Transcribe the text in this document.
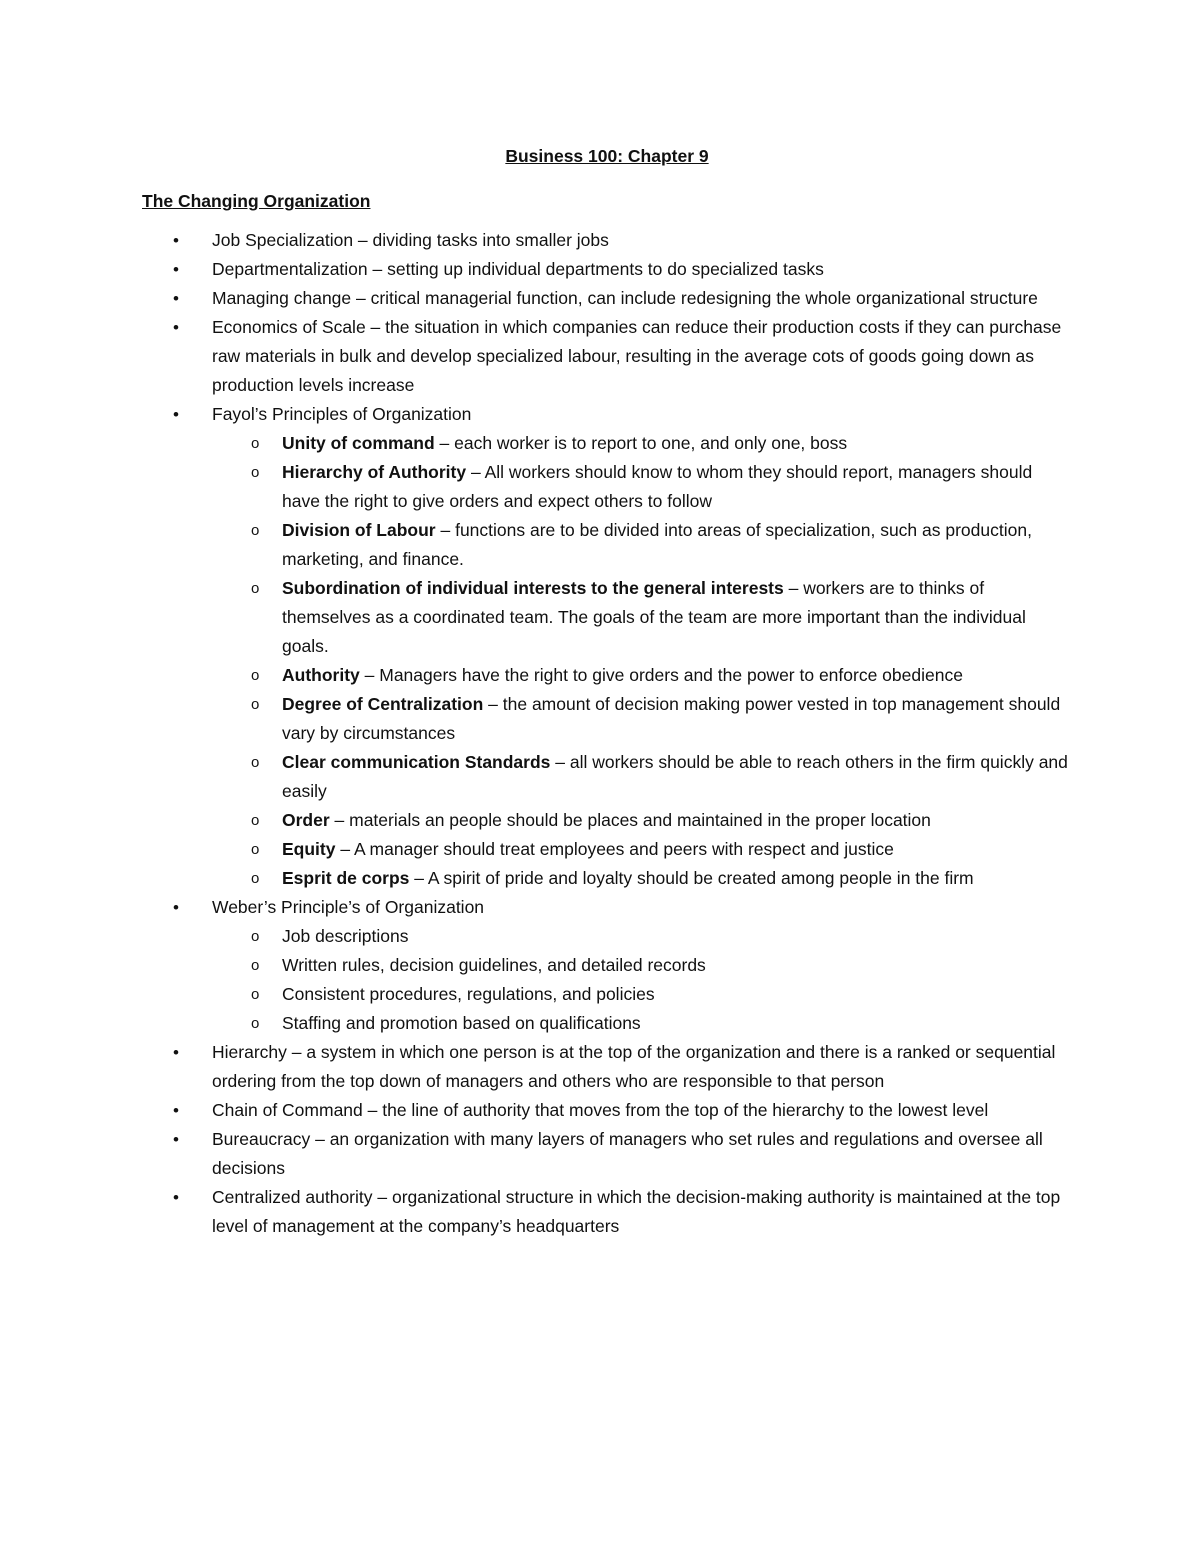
Business 100: Chapter 9
The Changing Organization
• Job Specialization – dividing tasks into smaller jobs
• Departmentalization – setting up individual departments to do specialized tasks
• Managing change – critical managerial function, can include redesigning the whole organizational structure
• Economics of Scale – the situation in which companies can reduce their production costs if they can purchase raw materials in bulk and develop specialized labour, resulting in the average cots of goods going down as production levels increase
• Fayol’s Principles of Organization
o Unity of command – each worker is to report to one, and only one, boss
o Hierarchy of Authority – All workers should know to whom they should report, managers should have the right to give orders and expect others to follow
o Division of Labour – functions are to be divided into areas of specialization, such as production, marketing, and finance.
o Subordination of individual interests to the general interests – workers are to thinks of themselves as a coordinated team. The goals of the team are more important than the individual goals.
o Authority – Managers have the right to give orders and the power to enforce obedience
o Degree of Centralization – the amount of decision making power vested in top management should vary by circumstances
o Clear communication Standards – all workers should be able to reach others in the firm quickly and easily
o Order – materials an people should be places and maintained in the proper location
o Equity – A manager should treat employees and peers with respect and justice
o Esprit de corps – A spirit of pride and loyalty should be created among people in the firm
• Weber’s Principle’s of Organization
o Job descriptions
o Written rules, decision guidelines, and detailed records
o Consistent procedures, regulations, and policies
o Staffing and promotion based on qualifications
• Hierarchy – a system in which one person is at the top of the organization and there is a ranked or sequential ordering from the top down of managers and others who are responsible to that person
• Chain of Command – the line of authority that moves from the top of the hierarchy to the lowest level
• Bureaucracy – an organization with many layers of managers who set rules and regulations and oversee all decisions
• Centralized authority – organizational structure in which the decision-making authority is maintained at the top level of management at the company’s headquarters
